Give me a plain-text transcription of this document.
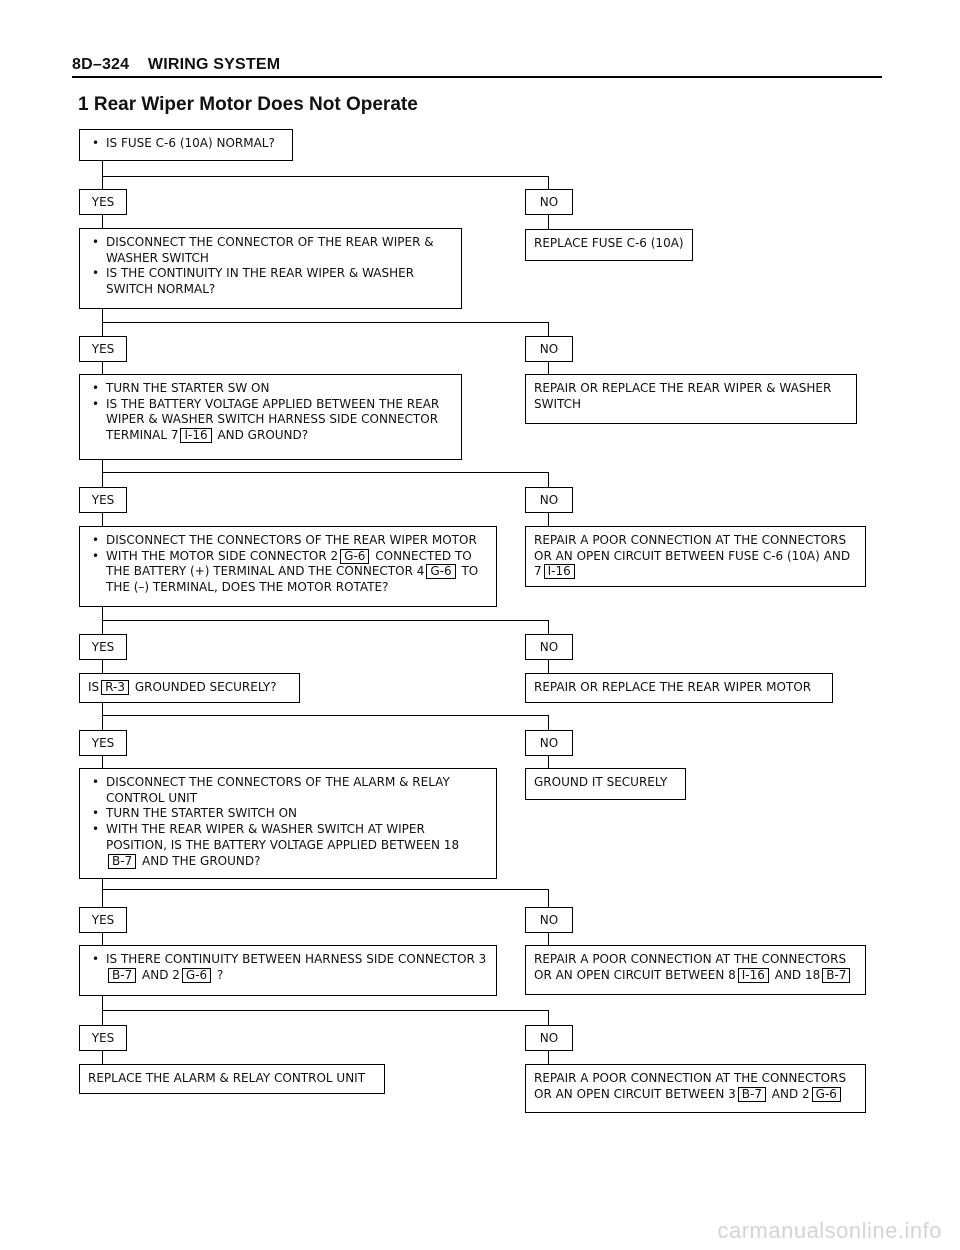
8D–324 WIRING SYSTEM
1 Rear Wiper Motor Does Not Operate
• IS FUSE C-6 (10A) NORMAL?
YES	NO
REPLACE FUSE C-6 (10A)
• DISCONNECT THE CONNECTOR OF THE REAR WIPER & WASHER SWITCH
• IS THE CONTINUITY IN THE REAR WIPER & WASHER SWITCH NORMAL?
YES	NO
REPAIR OR REPLACE THE REAR WIPER & WASHER SWITCH
• TURN THE STARTER SW ON
• IS THE BATTERY VOLTAGE APPLIED BETWEEN THE REAR WIPER & WASHER SWITCH HARNESS SIDE CONNECTOR TERMINAL 7 I-16 AND GROUND?
YES	NO
REPAIR A POOR CONNECTION AT THE CONNECTORS OR AN OPEN CIRCUIT BETWEEN FUSE C-6 (10A) AND 7 I-16
• DISCONNECT THE CONNECTORS OF THE REAR WIPER MOTOR
• WITH THE MOTOR SIDE CONNECTOR 2 G-6 CONNECTED TO THE BATTERY (+) TERMINAL AND THE CONNECTOR 4 G-6 TO THE (–) TERMINAL, DOES THE MOTOR ROTATE?
YES	NO
REPAIR OR REPLACE THE REAR WIPER MOTOR
IS R-3 GROUNDED SECURELY?
YES	NO
GROUND IT SECURELY
• DISCONNECT THE CONNECTORS OF THE ALARM & RELAY CONTROL UNIT
• TURN THE STARTER SWITCH ON
• WITH THE REAR WIPER & WASHER SWITCH AT WIPER POSITION, IS THE BATTERY VOLTAGE APPLIED BETWEEN 18B-7 AND THE GROUND?
YES	NO
REPAIR A POOR CONNECTION AT THE CONNECTORS OR AN OPEN CIRCUIT BETWEEN 8 I-16 AND 18 B-7
• IS THERE CONTINUITY BETWEEN HARNESS SIDE CONNECTOR 3B-7 AND 2 G-6 ?
YES	NO
REPLACE THE ALARM & RELAY CONTROL UNIT	REPAIR A POOR CONNECTION AT THE CONNECTORS OR AN OPEN CIRCUIT BETWEEN 3 B-7 AND 2 G-6
carmanualsonline.info
